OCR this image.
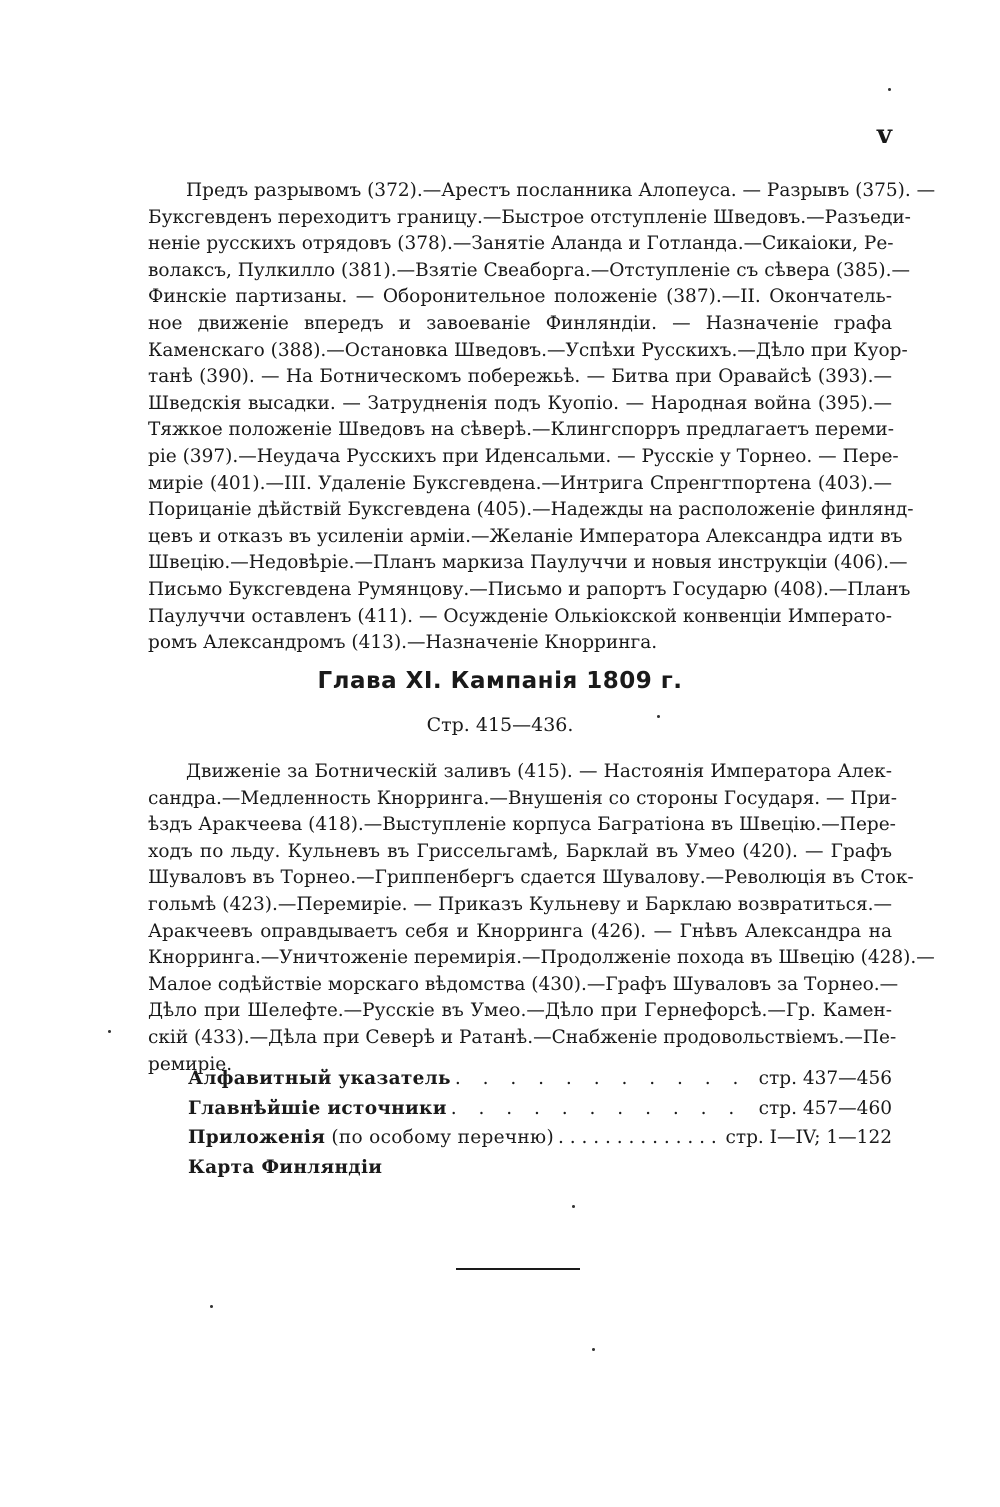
v
Предъ разрывомъ (372).—Арестъ посланника Алопеуса. — Разрывъ (375). —
Буксгевденъ переходитъ границу.—Быстрое отступленіе Шведовъ.—Разъеди-
неніе русскихъ отрядовъ (378).—Занятіе Аланда и Готланда.—Сикаіоки, Ре-
волаксъ, Пулкилло (381).—Взятіе Свеаборга.—Отступленіе съ сѣвера (385).—
Финскіе партизаны. — Оборонительное положеніе (387).—II. Окончатель-
ное движеніе впередъ и завоеваніе Финляндіи. — Назначеніе графа
Каменскаго (388).—Остановка Шведовъ.—Успѣхи Русскихъ.—Дѣло при Куор-
танѣ (390). — На Ботническомъ побережьѣ. — Битва при Оравайсѣ (393).—
Шведскія высадки. — Затрудненія подъ Куопіо. — Народная война (395).—
Тяжкое положеніе Шведовъ на сѣверѣ.—Клингспорръ предлагаетъ переми-
ріе (397).—Неудача Русскихъ при Иденсальми. — Русскіе у Торнео. — Пере-
миріе (401).—III. Удаленіе Буксгевдена.—Интрига Спренгтпортена (403).—
Порицаніе дѣйствій Буксгевдена (405).—Надежды на расположеніе финлянд-
цевъ и отказъ въ усиленіи арміи.—Желаніе Императора Александра идти въ
Швецію.—Недовѣріе.—Планъ маркиза Паулуччи и новыя инструкціи (406).—
Письмо Буксгевдена Румянцову.—Письмо и рапортъ Государю (408).—Планъ
Паулуччи оставленъ (411). — Осужденіе Олькіокской конвенціи Императо-
ромъ Александромъ (413).—Назначеніе Кнорринга.
Глава XI. Кампанія 1809 г.
Стр. 415—436.
Движеніе за Ботническій заливъ (415). — Настоянія Императора Алек-
сандра.—Медленность Кнорринга.—Внушенія со стороны Государя. — При-
ѣздъ Аракчеева (418).—Выступленіе корпуса Багратіона въ Швецію.—Пере-
ходъ по льду. Кульневъ въ Гриссельгамѣ, Барклай въ Умео (420). — Графъ
Шуваловъ въ Торнео.—Гриппенбергъ сдается Шувалову.—Революція въ Сток-
гольмѣ (423).—Перемиріе. — Приказъ Кульневу и Барклаю возвратиться.—
Аракчеевъ оправдываетъ себя и Кнорринга (426). — Гнѣвъ Александра на
Кнорринга.—Уничтоженіе перемирія.—Продолженіе похода въ Швецію (428).—
Малое содѣйствіе морскаго вѣдомства (430).—Графъ Шуваловъ за Торнео.—
Дѣло при Шелефте.—Русскіе въ Умео.—Дѣло при Гернефорсѣ.—Гр. Камен-
скій (433).—Дѣла при Северѣ и Ратанѣ.—Снабженіе продовольствіемъ.—Пе-
ремиріе.
Алфавитный указатель . . .	стр. 437—456
Главнѣйшіе источники . . .	стр. 457—460
Приложенія (по особому перечню) . . .	стр. I—IV; 1—122
Карта Финляндіи
